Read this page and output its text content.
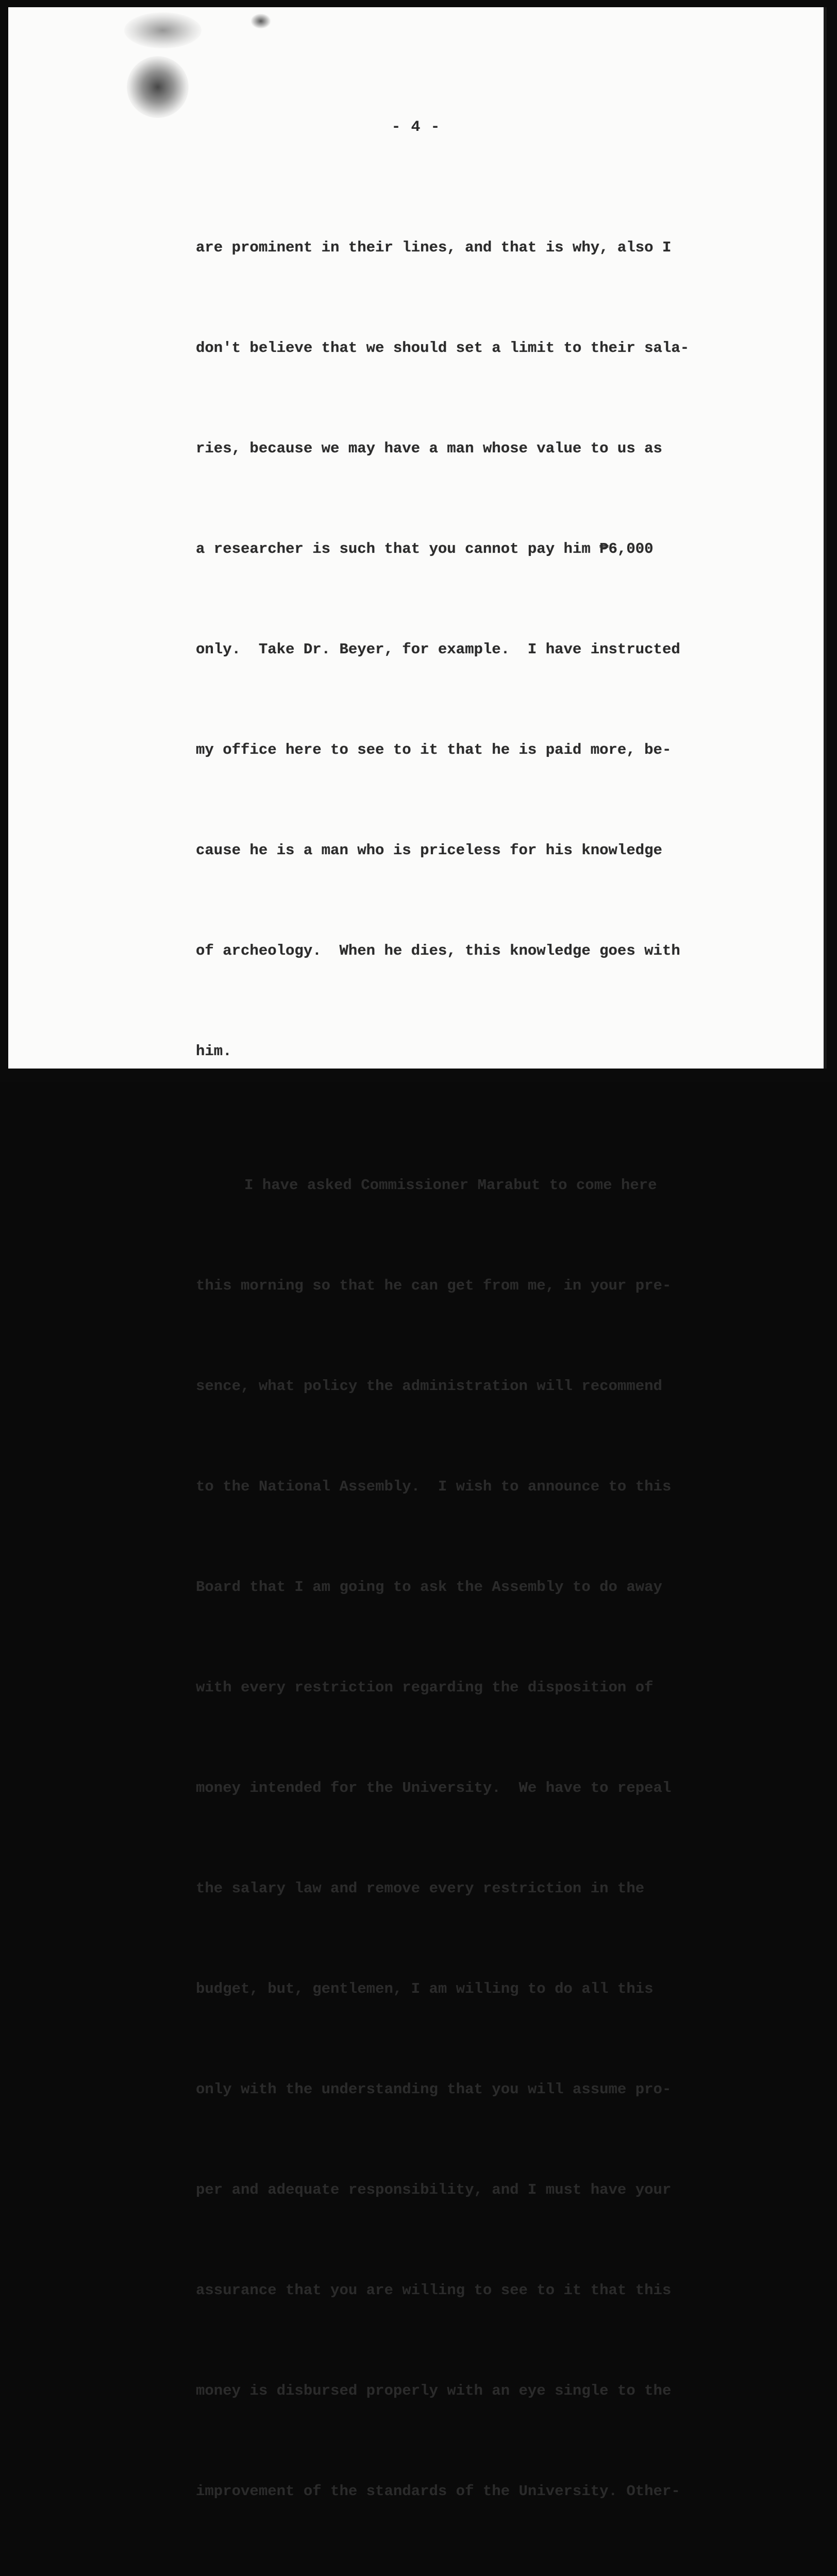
- 4 -

are prominent in their lines, and that is why, also I

don't believe that we should set a limit to their sala-

ries, because we may have a man whose value to us as

a researcher is such that you cannot pay him ₱6,000

only.  Take Dr. Beyer, for example.  I have instructed

my office here to see to it that he is paid more, be-

cause he is a man who is priceless for his knowledge

of archeology.  When he dies, this knowledge goes with

him.

I have asked Commissioner Marabut to come here

this morning so that he can get from me, in your pre-

sence, what policy the administration will recommend

to the National Assembly.  I wish to announce to this

Board that I am going to ask the Assembly to do away

with every restriction regarding the disposition of

money intended for the University.  We have to repeal

the salary law and remove every restriction in the

budget, but, gentlemen, I am willing to do all this

only with the understanding that you will assume pro-

per and adequate responsibility, and I must have your

assurance that you are willing to see to it that this

money is disbursed properly with an eye single to the

improvement of the standards of the University. Other-
